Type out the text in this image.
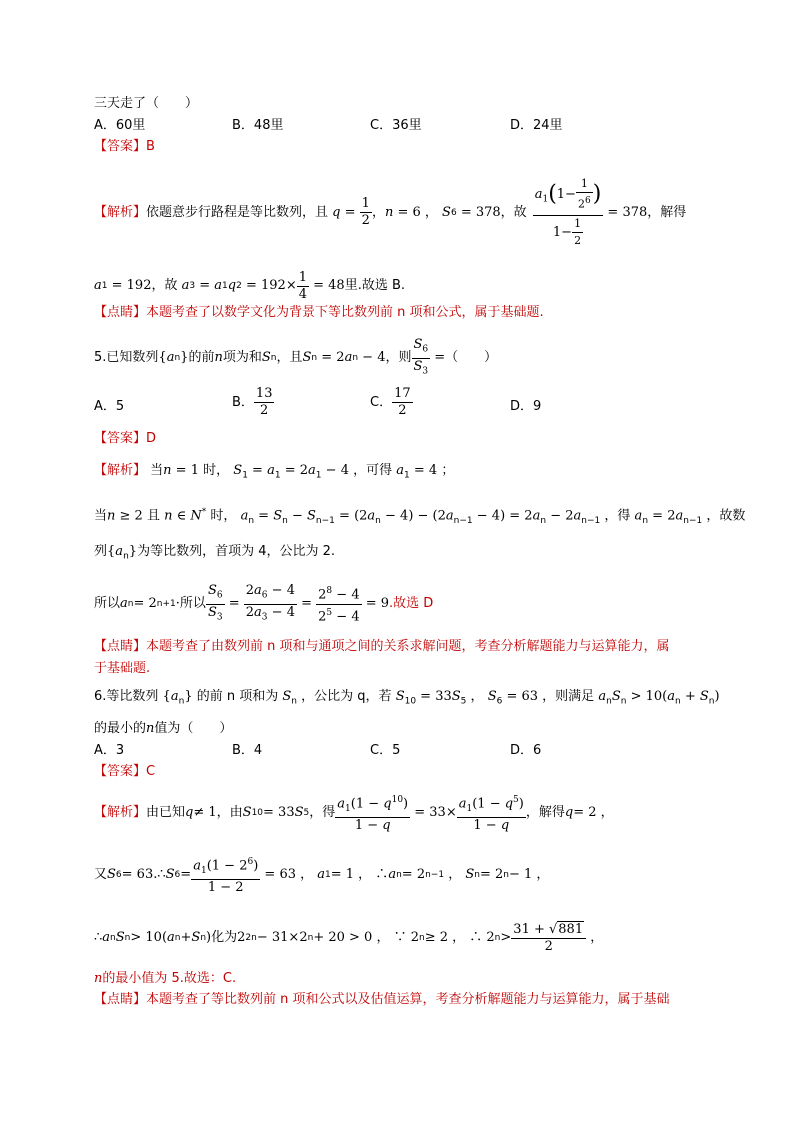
三天走了（　　）
A．60里	B．48里	C．36里	D．24里
【答案】B
【解析】 依题意步行路程是等比数列，且 $q = \frac{1}{2}$ ， n = 6 ， S 6 = 378 ，故 $\frac{a_1(1- \frac{1}{2^6} )}{1- \frac{1}{2}} = 378$ ，解得
a 1 = 192，故 a 3 = a 1 q $2 = 192\times \frac{1}{4} = 48$ 里.故选 B.
【点睛】本题考查了以数学文化为背景下等比数列前 n 项和公式，属于基础题.
5.已知数列 { a n } 的前 n 项为和 S n ，且 S n = 2 a n − 4 ，则 $\frac{S_6}{S_3}$ = （　　）
A．5	B． $\frac{13}{2}$	C． $\frac{17}{2}$	D．9
【答案】D
【解析】 当n = 1 时， $S_1 = a_1 = 2a_1 - 4$ ，可得 $a_1 = 4$ ；
当n ≥ 2 且 n ∈ N* 时， $a_n = S_n - S_{n-1} = (2a_n - 4) - (2a_{n-1} - 4) = 2a_n - 2a_{n-1}$ ，得 $a_n = 2a_{n-1}$ ，故数
列$\{a_n\}$为等比数列，首项为 4，公比为 2.
所以 a n = 2 n+1 · 所以 $\frac{S_6}{S_3} = \frac{2a_6 - 4}{2a_3 - 4} = \frac{2^8 - 4}{2^5 - 4} = 9$ .故选 D
【点睛】本题考查了由数列前 n 项和与通项之间的关系求解问题，考查分析解题能力与运算能力，属
于基础题.
6.等比数列 $\{a_n\}$ 的前 n 项和为 $S_n$ ，公比为 q，若 $S_{10} = 33S_5$ ， $S_6 = 63$ ，则满足 $a_nS_n > 10(a_n + S_n)$
的最小的n值为（　　）
A．3	B．4	C．5	D．6
【答案】C
【解析】 由已知 q ≠ 1 ，由 S 10 = 33 S 5 ，得 $\frac{a_1(1 - q^{10})}{1 - q} = 33\times \frac{a_1(1 - q^5)}{1 - q}$ ，解得 q = 2 ，
又 S 6 = 63.∴ S $6 = \frac{a_1(1 - 2^6)}{1 - 2} = 63$ ， a 1 = 1 ， ∴ a n = 2 n−1 ， S n = 2 n − 1 ，
∴ a n S n > 10( a n + S n ) 化为 2 2n − 31×2 n + 20 > 0 ， ∵ 2 n ≥ 2 ， ∴ 2 $n > \frac{31 + √881}{2}$ ，
n的最小值为 5.故选：C.
【点睛】本题考查了等比数列前 n 项和公式以及估值运算，考查分析解题能力与运算能力，属于基础
